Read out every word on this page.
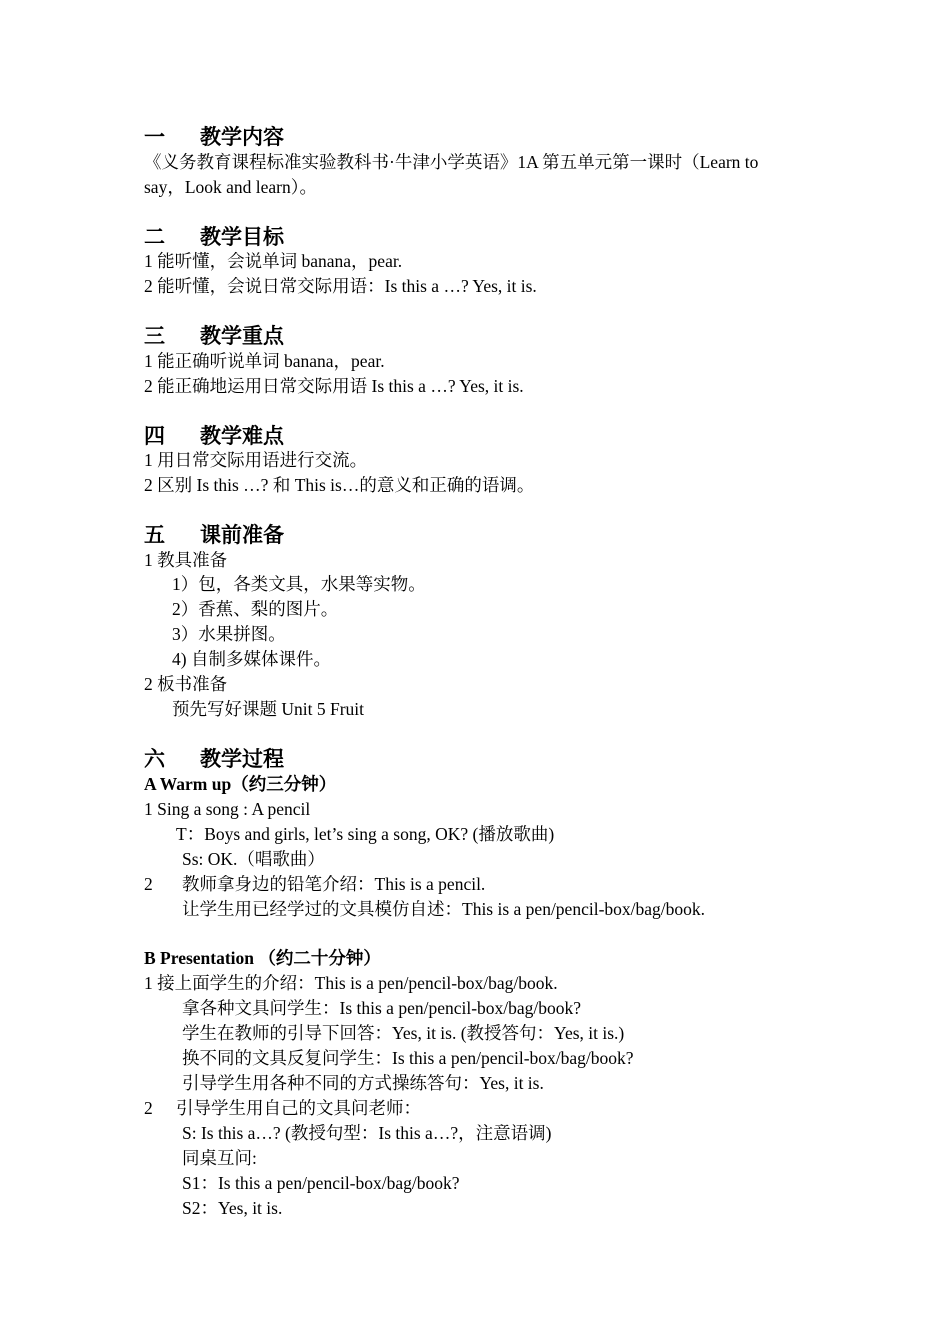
一 教学内容
《义务教育课程标准实验教科书·牛津小学英语》1A 第五单元第一课时（Learn to
say，Look and learn）。
二 教学目标
1 能听懂，会说单词 banana，pear.
2 能听懂，会说日常交际用语：Is this a …? Yes, it is.
三 教学重点
1 能正确听说单词 banana，pear.
2 能正确地运用日常交际用语 Is this a …? Yes, it is.
四 教学难点
1 用日常交际用语进行交流。
2 区别 Is this …? 和 This is…的意义和正确的语调。
五 课前准备
1 教具准备
1）包，各类文具，水果等实物。
2）香蕉、梨的图片。
3）水果拼图。
4) 自制多媒体课件。
2 板书准备
预先写好课题 Unit 5 Fruit
六 教学过程
A Warm up（约三分钟）
1 Sing a song : A pencil
T：Boys and girls, let’s sing a song, OK? (播放歌曲)
Ss: OK.（唱歌曲）
2 教师拿身边的铅笔介绍：This is a pencil.
让学生用已经学过的文具模仿自述：This is a pen/pencil-box/bag/book.
B Presentation （约二十分钟）
1 接上面学生的介绍：This is a pen/pencil-box/bag/book.
拿各种文具问学生：Is this a pen/pencil-box/bag/book?
学生在教师的引导下回答：Yes, it is. (教授答句：Yes, it is.)
换不同的文具反复问学生：Is this a pen/pencil-box/bag/book?
引导学生用各种不同的方式操练答句：Yes, it is.
2 引导学生用自己的文具问老师：
S: Is this a…? (教授句型：Is this a…?，注意语调)
同桌互问:
S1：Is this a pen/pencil-box/bag/book?
S2：Yes, it is.
